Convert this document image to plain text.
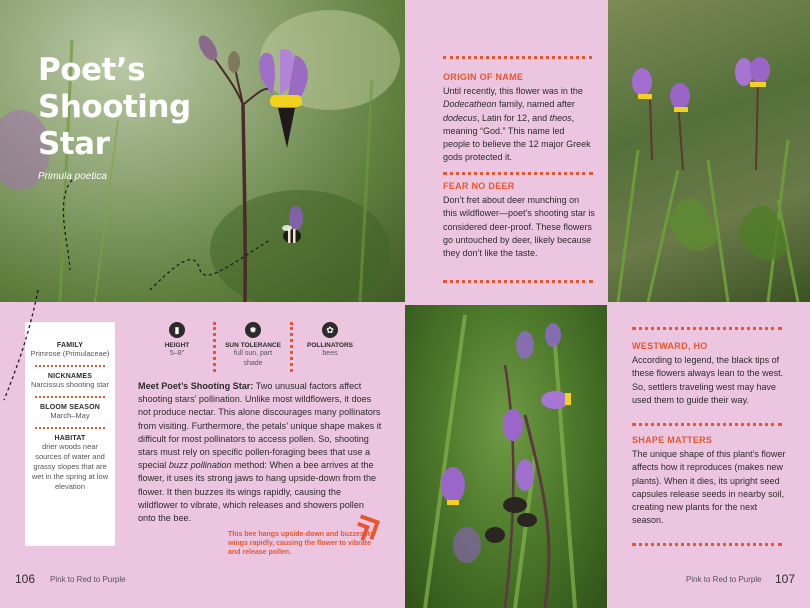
Poet’s
Shooting
Star
Primula poetica
ORIGIN OF NAME
Until recently, this flower was in the Dodecatheon family, named after dodecus, Latin for 12, and theos, meaning “God.” This name led people to believe the 12 major Greek gods protected it.
FEAR NO DEER
Don’t fret about deer munching on this wildflower—poet’s shooting star is considered deer-proof. These flowers go untouched by deer, likely because they don’t like the taste.
FAMILY
Primrose (Primulaceae)
NICKNAMES
Narcissus shooting star
BLOOM SEASON
March–May
HABITAT
drier woods near sources of water and grassy slopes that are wet in the spring at low elevation
▮
HEIGHT
5–8"
✹
SUN TOLERANCE
full sun, part shade
✿
POLLINATORS
bees
Meet Poet’s Shooting Star: Two unusual factors affect shooting stars’ pollination. Unlike most wildflowers, it does not produce nectar. This alone discourages many pollinators from visiting. Furthermore, the petals’ unique shape makes it difficult for most pollinators to access pollen. So, shooting stars must rely on specific pollen-foraging bees that use a special buzz pollination method: When a bee arrives at the flower, it uses its strong jaws to hang upside-down from the flower. It then buzzes its wings rapidly, causing the wildflower to vibrate, which releases and showers pollen onto the bee.
This bee hangs upside-down and buzzes its wings rapidly, causing the flower to vibrate and release pollen.
106 Pink to Red to Purple
WESTWARD, HO
According to legend, the black tips of these flowers always lean to the west. So, settlers traveling west may have used them to guide their way.
SHAPE MATTERS
The unique shape of this plant’s flower affects how it reproduces (makes new plants). When it dies, its upright seed capsules release seeds in nearby soil, creating new plants for the next season.
Pink to Red to Purple 107
